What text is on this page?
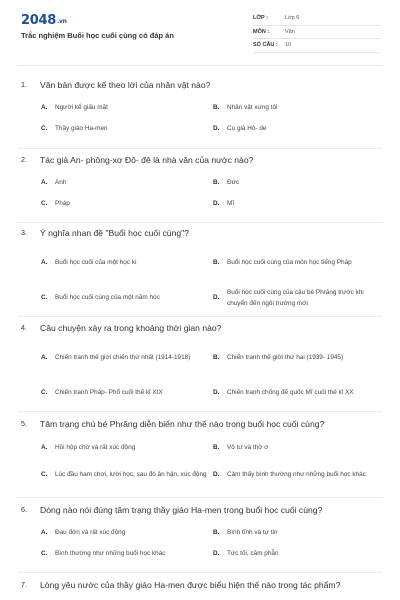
2048.vn
Trắc nghiệm Buổi học cuối cùng có đáp án
LỚP :	Lớp 6
MÔN :	Văn
SỐ CÂU :	10
1.	Văn bản được kể theo lời của nhân vật nào?
A.	Người kể giấu mặt	B.	Nhân vật xưng tôi
C.	Thầy giáo Ha-men	D.	Cụ già Hô- de
2.	Tác giả An- phông-xơ Đô- đê là nhà văn của nước nào?
A.	Anh	B.	Đức
C.	Pháp	D.	Mĩ
3.	Ý nghĩa nhan đề "Buổi học cuối cùng"?
A.	Buổi học cuối của một học kì	B.	Buổi học cuối cùng của môn học tiếng Pháp
C.	Buổi học cuối cùng của một năm học	D.
Buổi học cuối cùng của cậu bé Phrăng trước khi chuyển đến ngôi trường mới
4.	Câu chuyện xảy ra trong khoảng thời gian nào?
A.	Chiến tranh thế giới chiến thứ nhất (1914-1918)	B.	Chiến tranh thế giới thứ hai (1939- 1945)
C.	Chiến tranh Pháp- Phổ cuối thế kỉ XIX	D.	Chiến tranh chống đế quốc Mĩ cuối thế kỉ XX
5.	Tâm trạng chú bé Phrăng diễn biến như thế nào trong buổi học cuối cùng?
A.	Hồi hộp chờ và rất xúc động	B.	Vô tư và thờ ơ
C.	Lúc đầu ham chơi, lười học, sau đó ân hận, xúc động	D.	Cảm thấy bình thường như những buổi học khác
6.	Dòng nào nói đúng tâm trạng thầy giáo Ha-men trong buổi học cuối cùng?
A.	Đau đớn và rất xúc động	B.	Bình tĩnh và tự tin
C.	Bình thường như những buổi học khác	D.	Tức tối, căm phẫn
7.	Lòng yêu nước của thầy giáo Ha-men được biểu hiện thế nào trong tác phẩm?
